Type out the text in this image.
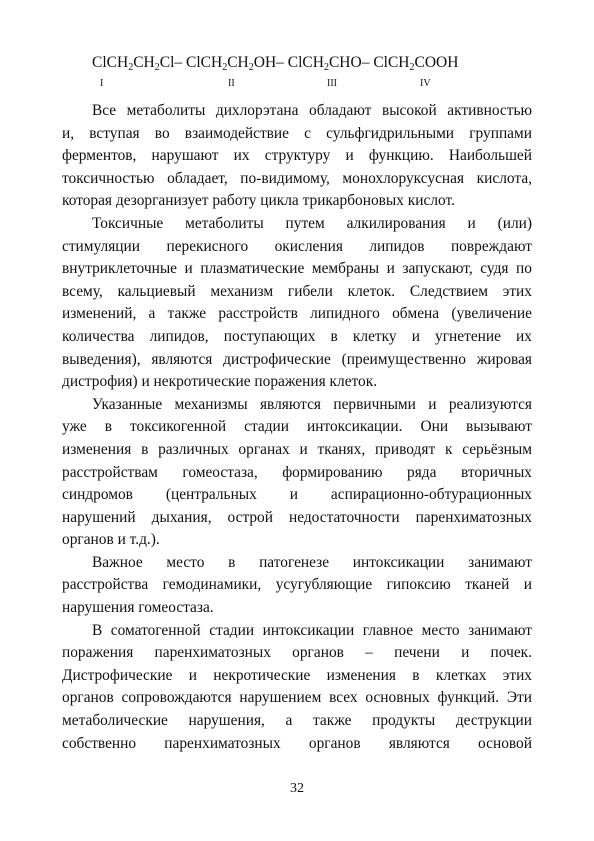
$ClCH_2CH_2Cl-$ $ClCH_2CH_2OH-$ ClCH$_2$CHO– ClCH$_2$COOH
I	II	III	IV
Все метаболиты дихлорэтана обладают высокой активностью
и, вступая во взаимодействие с сульфгидрильными группами
ферментов, нарушают их структуру и функцию. Наибольшей
токсичностью обладает, по-видимому, монохлоруксусная кислота,
которая дезорганизует работу цикла трикарбоновых кислот.
Токсичные метаболиты путем алкилирования и (или)
стимуляции перекисного окисления липидов повреждают
внутриклеточные и плазматические мембраны и запускают, судя по
всему, кальциевый механизм гибели клеток. Следствием этих
изменений, а также расстройств липидного обмена (увеличение
количества липидов, поступающих в клетку и угнетение их
выведения), являются дистрофические (преимущественно жировая
дистрофия) и некротические поражения клеток.
Указанные механизмы являются первичными и реализуются
уже в токсикогенной стадии интоксикации. Они вызывают
изменения в различных органах и тканях, приводят к серьёзным
расстройствам гомеостаза, формированию ряда вторичных
синдромов (центральных и аспирационно-обтурационных
нарушений дыхания, острой недостаточности паренхиматозных
органов и т.д.).
Важное место в патогенезе интоксикации занимают
расстройства гемодинамики, усугубляющие гипоксию тканей и
нарушения гомеостаза.
В соматогенной стадии интоксикации главное место занимают
поражения паренхиматозных органов – печени и почек.
Дистрофические и некротические изменения в клетках этих
органов сопровождаются нарушением всех основных функций. Эти
метаболические нарушения, а также продукты деструкции
собственно паренхиматозных органов являются основой
32
